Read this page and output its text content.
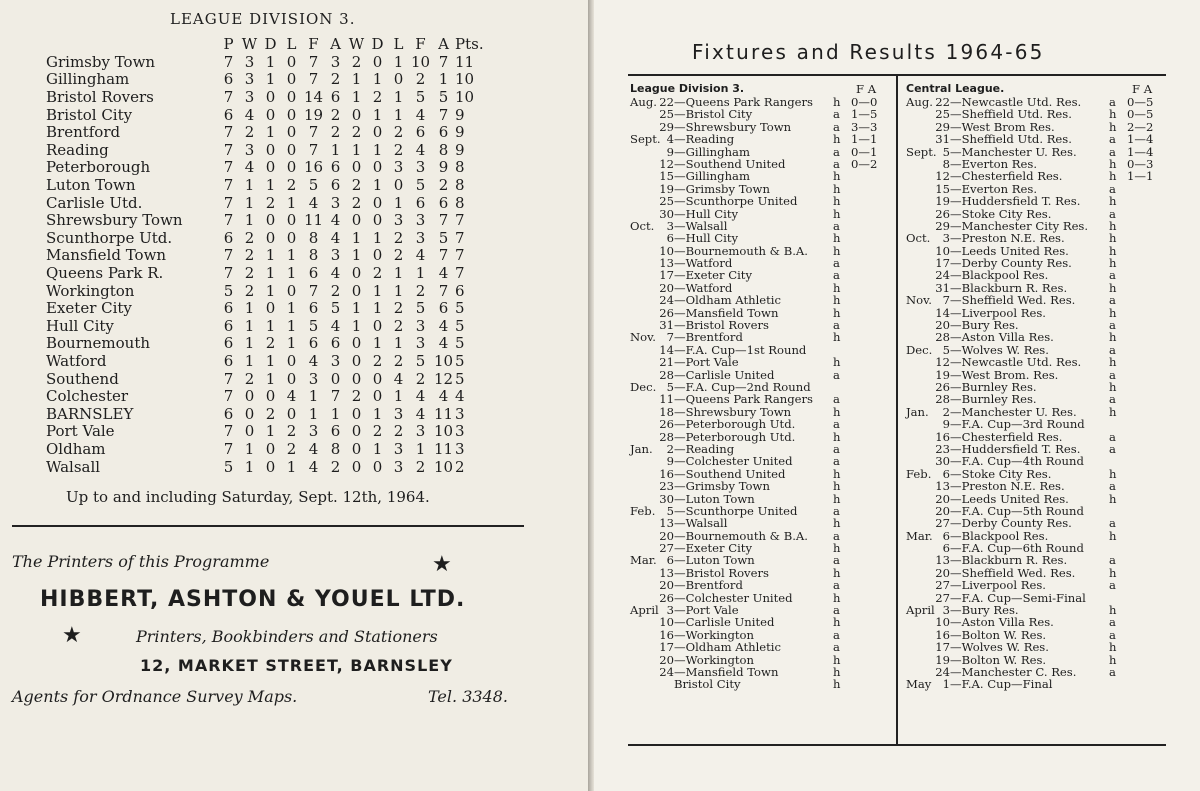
LEAGUE DIVISION 3.
	P	W	D	L	F	A	W	D	L	F	A	Pts.
Grimsby Town	7	3	1	0	7	3	2	0	1	10	7	11
Gillingham	6	3	1	0	7	2	1	1	0	2	1	10
Bristol Rovers	7	3	0	0	14	6	1	2	1	5	5	10
Bristol City	6	4	0	0	19	2	0	1	1	4	7	9
Brentford	7	2	1	0	7	2	2	0	2	6	6	9
Reading	7	3	0	0	7	1	1	1	2	4	8	9
Peterborough	7	4	0	0	16	6	0	0	3	3	9	8
Luton Town	7	1	1	2	5	6	2	1	0	5	2	8
Carlisle Utd.	7	1	2	1	4	3	2	0	1	6	6	8
Shrewsbury Town	7	1	0	0	11	4	0	0	3	3	7	7
Scunthorpe Utd.	6	2	0	0	8	4	1	1	2	3	5	7
Mansfield Town	7	2	1	1	8	3	1	0	2	4	7	7
Queens Park R.	7	2	1	1	6	4	0	2	1	1	4	7
Workington	5	2	1	0	7	2	0	1	1	2	7	6
Exeter City	6	1	0	1	6	5	1	1	2	5	6	5
Hull City	6	1	1	1	5	4	1	0	2	3	4	5
Bournemouth	6	1	2	1	6	6	0	1	1	3	4	5
Watford	6	1	1	0	4	3	0	2	2	5	10	5
Southend	7	2	1	0	3	0	0	0	4	2	12	5
Colchester	7	0	0	4	1	7	2	0	1	4	4	4
BARNSLEY	6	0	2	0	1	1	0	1	3	4	11	3
Port Vale	7	0	1	2	3	6	0	2	2	3	10	3
Oldham	7	1	0	2	4	8	0	1	3	1	11	3
Walsall	5	1	0	1	4	2	0	0	3	2	10	2
Up to and including Saturday, Sept. 12th, 1964.
The Printers of this Programme	★
HIBBERT, ASHTON & YOUEL LTD.
★	Printers, Bookbinders and Stationers
12, MARKET STREET, BARNSLEY
Agents for Ordnance Survey Maps.	Tel. 3348.
Fixtures and Results 1964-65
League Division 3.	F A
Aug. 22 —Queens Park Rangers h 0—0
25 —Bristol City	a 1—5
29 —Shrewsbury Town	a 3—3
Sept. 4 —Reading	h 1—1
9 —Gillingham	a 0—1
12 —Southend United	a 0—2
15 —Gillingham	h
19 —Grimsby Town	h
25 —Scunthorpe United	h
30 —Hull City	h
Oct.	3 —Walsall	a
6 —Hull City	h
10 —Bournemouth & B.A. h
13 —Watford	a
17 —Exeter City	a
20 —Watford	h
24 —Oldham Athletic	h
26 —Mansfield Town	h
31 —Bristol Rovers	a
Nov. 7 —Brentford	h
14 —F.A. Cup—1st Round
21 —Port Vale	h
28 —Carlisle United	a
Dec. 5 —F.A. Cup—2nd Round
11 —Queens Park Rangers a
18 —Shrewsbury Town	h
26 —Peterborough Utd.	a
28 —Peterborough Utd.	h
Jan.	2 —Reading	a
9 —Colchester United	a
16 —Southend United	h
23 —Grimsby Town	h
30 —Luton Town	h
Feb. 5 —Scunthorpe United	a
13 —Walsall	h
20 —Bournemouth & B.A. a
27 —Exeter City	h
Mar. 6 —Luton Town	a
13 —Bristol Rovers	h
20 —Brentford	a
26 —Colchester United	h
April 3 —Port Vale	a
10 —Carlisle United	h
16 —Workington	a
17 —Oldham Athletic	a
20 —Workington	h
24 —Mansfield Town	h
Bristol City	h
Central League.	F A
Aug. 22 —Newcastle Utd. Res. a 0—5
25 —Sheffield Utd. Res.	h 0—5
29 —West Brom Res.	h 2—2
31 —Sheffield Utd. Res.	a 1—4
Sept. 5 —Manchester U. Res.	a 1—4
8 —Everton Res.	h 0—3
12 —Chesterfield Res.	h 1—1
15 —Everton Res.	a
19 —Huddersfield T. Res. h
26 —Stoke City Res.	a
29 —Manchester City Res. h
Oct.	3 —Preston N.E. Res.	h
10 —Leeds United Res.	h
17 —Derby County Res.	h
24 —Blackpool Res.	a
31 —Blackburn R. Res.	h
Nov. 7 —Sheffield Wed. Res.	a
14 —Liverpool Res.	h
20 —Bury Res.	a
28 —Aston Villa Res.	h
Dec. 5 —Wolves W. Res.	a
12 —Newcastle Utd. Res. h
19 —West Brom. Res.	a
26 —Burnley Res.	h
28 —Burnley Res.	a
Jan.	2 —Manchester U. Res.	h
9 —F.A. Cup—3rd Round
16 —Chesterfield Res.	a
23 —Huddersfield T. Res. a
30 —F.A. Cup—4th Round
Feb. 6 —Stoke City Res.	h
13 —Preston N.E. Res.	a
20 —Leeds United Res.	h
20 —F.A. Cup—5th Round
27 —Derby County Res.	a
Mar. 6 —Blackpool Res.	h
6 —F.A. Cup—6th Round
13 —Blackburn R. Res.	a
20 —Sheffield Wed. Res.	h
27 —Liverpool Res.	a
27 —F.A. Cup—Semi-Final
April 3 —Bury Res.	h
10 —Aston Villa Res.	a
16 —Bolton W. Res.	a
17 —Wolves W. Res.	h
19 —Bolton W. Res.	h
24 —Manchester C. Res.	a
May 1 —F.A. Cup—Final
